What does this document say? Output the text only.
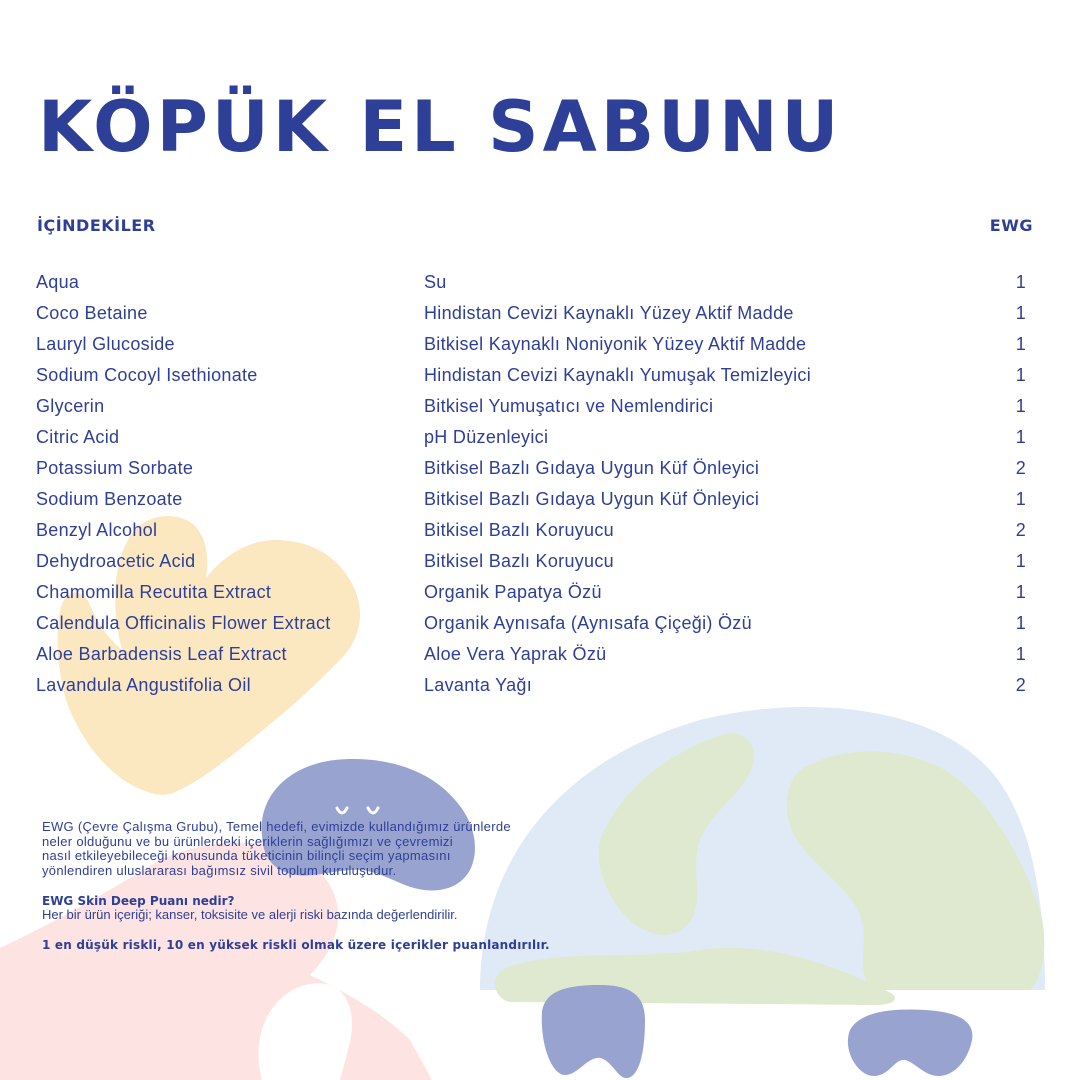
KÖPÜK EL SABUNU
İÇİNDEKİLER	EWG
Aqua	Su	1
Coco Betaine	Hindistan Cevizi Kaynaklı Yüzey Aktif Madde	1
Lauryl Glucoside	Bitkisel Kaynaklı Noniyonik Yüzey Aktif Madde	1
Sodium Cocoyl Isethionate	Hindistan Cevizi Kaynaklı Yumuşak Temizleyici	1
Glycerin	Bitkisel Yumuşatıcı ve Nemlendirici	1
Citric Acid	pH Düzenleyici	1
Potassium Sorbate	Bitkisel Bazlı Gıdaya Uygun Küf Önleyici	2
Sodium Benzoate	Bitkisel Bazlı Gıdaya Uygun Küf Önleyici	1
Benzyl Alcohol	Bitkisel Bazlı Koruyucu	2
Dehydroacetic Acid	Bitkisel Bazlı Koruyucu	1
Chamomilla Recutita Extract	Organik Papatya Özü	1
Calendula Officinalis Flower Extract	Organik Aynısafa (Aynısafa Çiçeği) Özü	1
Aloe Barbadensis Leaf Extract	Aloe Vera Yaprak Özü	1
Lavandula Angustifolia Oil	Lavanta Yağı	2

EWG (Çevre Çalışma Grubu), Temel hedefi, evimizde kullandığımız ürünlerde

neler olduğunu ve bu ürünlerdeki içeriklerin sağlığımızı ve çevremizi

nasıl etkileyebileceği konusunda tüketicinin bilinçli seçim yapmasını

yönlendiren uluslararası bağımsız sivil toplum kuruluşudur.

EWG Skin Deep Puanı nedir?

Her bir ürün içeriği; kanser, toksisite ve alerji riski bazında değerlendirilir.

1 en düşük riskli, 10 en yüksek riskli olmak üzere içerikler puanlandırılır.
